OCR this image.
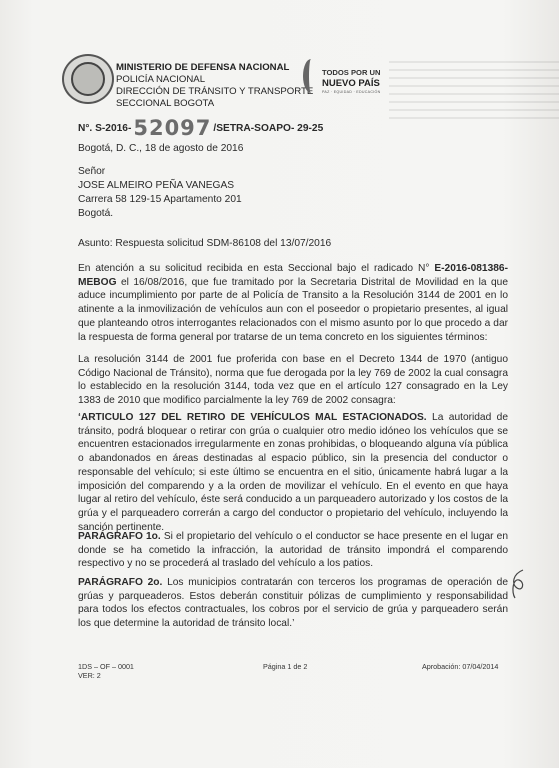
MINISTERIO DE DEFENSA NACIONAL
POLICÍA NACIONAL
DIRECCIÓN DE TRÁNSITO Y TRANSPORTE
SECCIONAL BOGOTA
TODOS POR UN
NUEVO PAÍS
PAZ · EQUIDAD · EDUCACIÓN
N°. S-2016- 52097 /SETRA-SOAPO- 29-25
Bogotá, D. C., 18 de agosto de 2016
Señor
JOSE ALMEIRO PEÑA VANEGAS
Carrera 58 129-15 Apartamento 201
Bogotá.
Asunto: Respuesta solicitud SDM-86108 del 13/07/2016
En atención a su solicitud recibida en esta Seccional bajo el radicado N° E-2016-081386-MEBOG el 16/08/2016, que fue tramitado por la Secretaria Distrital de Movilidad en la que aduce incumplimiento por parte de al Policía de Transito a la Resolución 3144 de 2001 en lo atinente a la inmovilización de vehículos aun con el poseedor o propietario presentes, al igual que planteando otros interrogantes relacionados con el mismo asunto por lo que procedo a dar la respuesta de forma general por tratarse de un tema concreto en los siguientes términos:
La resolución 3144 de 2001 fue proferida con base en el Decreto 1344 de 1970 (antiguo Código Nacional de Tránsito), norma que fue derogada por la ley 769 de 2002 la cual consagra lo establecido en la resolución 3144, toda vez que en el artículo 127 consagrado en la Ley 1383 de 2010 que modifico parcialmente la ley 769 de 2002 consagra:
‘ARTICULO 127 DEL RETIRO DE VEHÍCULOS MAL ESTACIONADOS. La autoridad de tránsito, podrá bloquear o retirar con grúa o cualquier otro medio idóneo los vehículos que se encuentren estacionados irregularmente en zonas prohibidas, o bloqueando alguna vía pública o abandonados en áreas destinadas al espacio público, sin la presencia del conductor o responsable del vehículo; si este último se encuentra en el sitio, únicamente habrá lugar a la imposición del comparendo y a la orden de movilizar el vehículo. En el evento en que haya lugar al retiro del vehículo, éste será conducido a un parqueadero autorizado y los costos de la grúa y el parqueadero correrán a cargo del conductor o propietario del vehículo, incluyendo la sanción pertinente.
PARÁGRAFO 1o. Si el propietario del vehículo o el conductor se hace presente en el lugar en donde se ha cometido la infracción, la autoridad de tránsito impondrá el comparendo respectivo y no se procederá al traslado del vehículo a los patios.
PARÁGRAFO 2o. Los municipios contratarán con terceros los programas de operación de grúas y parqueaderos. Estos deberán constituir pólizas de cumplimiento y responsabilidad para todos los efectos contractuales, los cobros por el servicio de grúa y parqueadero serán los que determine la autoridad de tránsito local.’
1DS – OF – 0001
VER: 2
Página 1 de 2	Aprobación: 07/04/2014
